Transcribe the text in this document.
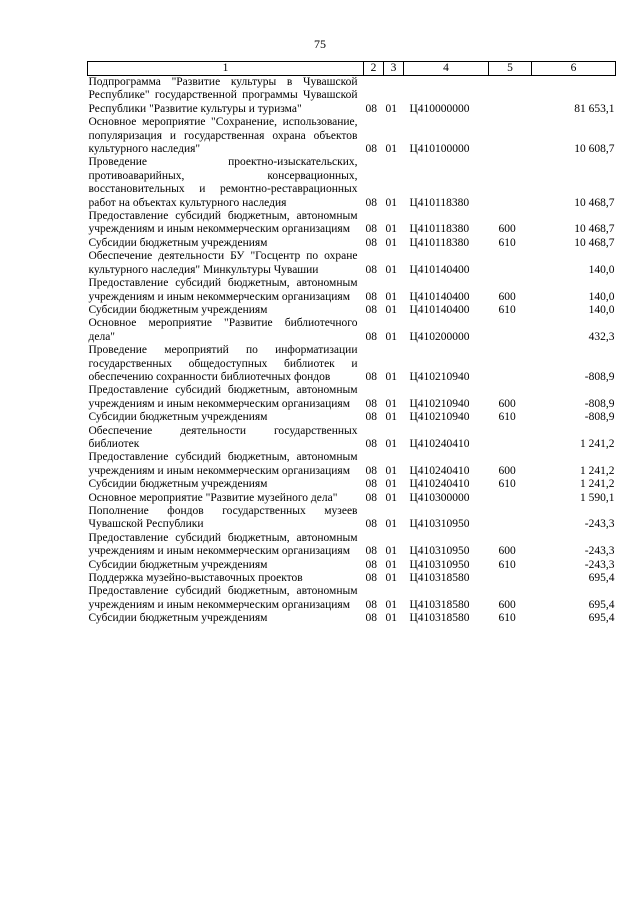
75
1	2	3	4	5	6
Подпрограмма "Развитие культуры в Чувашской Республике" государственной программы Чувашской Республики "Развитие культуры и туризма"	08	01	Ц410000000		81 653,1
Основное мероприятие "Сохранение, использование, популяризация и государственная охрана объектов культурного наследия"	08	01	Ц410100000		10 608,7
Проведение проектно-изыскательских, противоаварийных, консервационных, восстановительных и ремонтно-реставрационных работ на объектах культурного наследия	08	01	Ц410118380		10 468,7
Предоставление субсидий бюджетным, автономным учреждениям и иным некоммерческим организациям	08	01	Ц410118380	600	10 468,7
Субсидии бюджетным учреждениям	08	01	Ц410118380	610	10 468,7
Обеспечение деятельности БУ "Госцентр по охране культурного наследия" Минкультуры Чувашии	08	01	Ц410140400		140,0
Предоставление субсидий бюджетным, автономным учреждениям и иным некоммерческим организациям	08	01	Ц410140400	600	140,0
Субсидии бюджетным учреждениям	08	01	Ц410140400	610	140,0
Основное мероприятие "Развитие библиотечного дела"	08	01	Ц410200000		432,3
Проведение мероприятий по информатизации государственных общедоступных библиотек и обеспечению сохранности библиотечных фондов	08	01	Ц410210940		-808,9
Предоставление субсидий бюджетным, автономным учреждениям и иным некоммерческим организациям	08	01	Ц410210940	600	-808,9
Субсидии бюджетным учреждениям	08	01	Ц410210940	610	-808,9
Обеспечение деятельности государственных библиотек	08	01	Ц410240410		1 241,2
Предоставление субсидий бюджетным, автономным учреждениям и иным некоммерческим организациям	08	01	Ц410240410	600	1 241,2
Субсидии бюджетным учреждениям	08	01	Ц410240410	610	1 241,2
Основное мероприятие "Развитие музейного дела"	08	01	Ц410300000		1 590,1
Пополнение фондов государственных музеев Чувашской Республики	08	01	Ц410310950		-243,3
Предоставление субсидий бюджетным, автономным учреждениям и иным некоммерческим организациям	08	01	Ц410310950	600	-243,3
Субсидии бюджетным учреждениям	08	01	Ц410310950	610	-243,3
Поддержка музейно-выставочных проектов	08	01	Ц410318580		695,4
Предоставление субсидий бюджетным, автономным учреждениям и иным некоммерческим организациям	08	01	Ц410318580	600	695,4
Субсидии бюджетным учреждениям	08	01	Ц410318580	610	695,4
